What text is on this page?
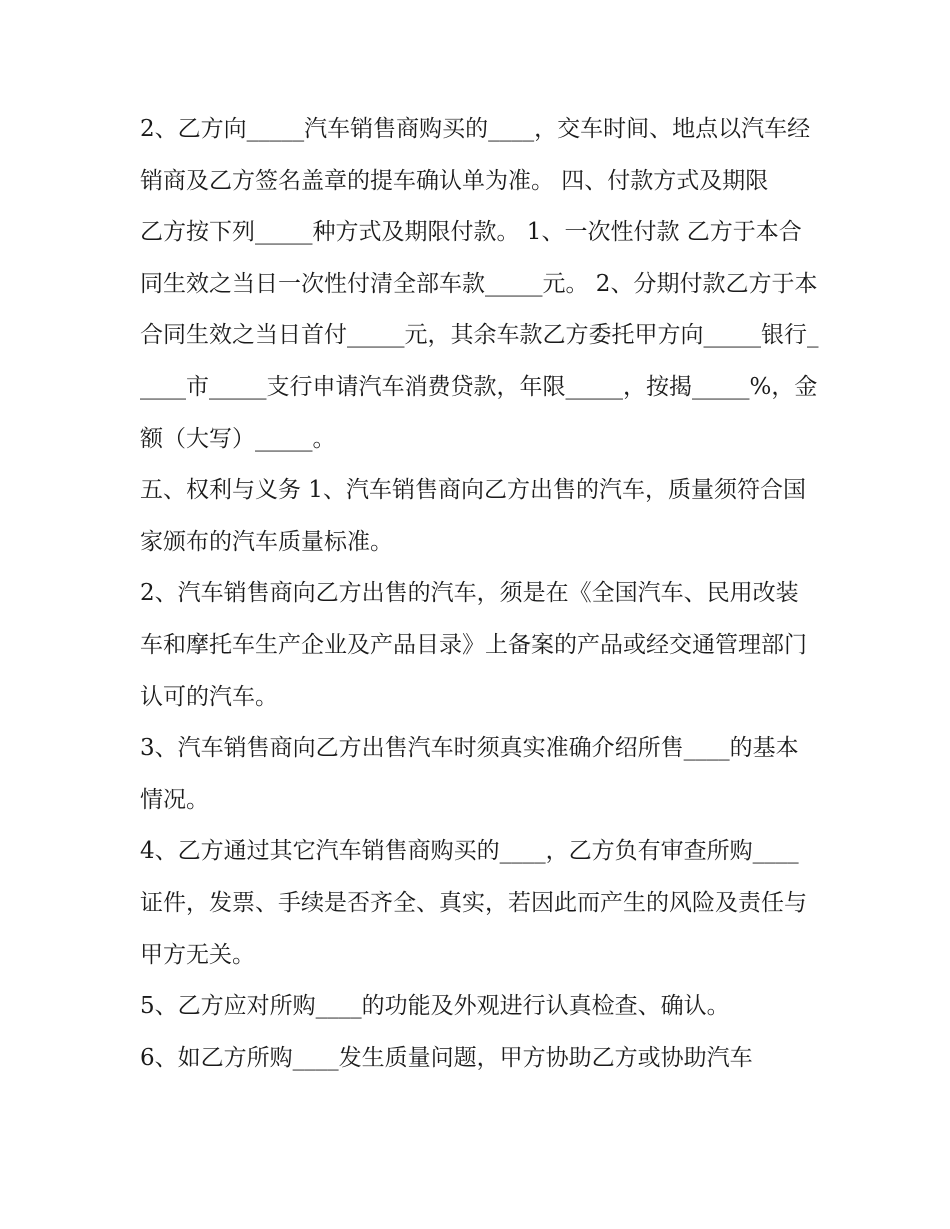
2、乙方向_____汽车销售商购买的____，交车时间、地点以汽车经销商及乙方签名盖章的提车确认单为准。 四、付款方式及期限

乙方按下列_____种方式及期限付款。 1、一次性付款 乙方于本合同生效之当日一次性付清全部车款_____元。 2、分期付款乙方于本合同生效之当日首付_____元，其余车款乙方委托甲方向_____银行_____市_____支行申请汽车消费贷款，年限_____，按揭_____%，金额（大写）_____。

五、权利与义务 1、汽车销售商向乙方出售的汽车，质量须符合国家颁布的汽车质量标准。

2、汽车销售商向乙方出售的汽车，须是在《全国汽车、民用改装车和摩托车生产企业及产品目录》上备案的产品或经交通管理部门认可的汽车。

3、汽车销售商向乙方出售汽车时须真实准确介绍所售____的基本情况。

4、乙方通过其它汽车销售商购买的____，乙方负有审查所购____证件，发票、手续是否齐全、真实，若因此而产生的风险及责任与甲方无关。

5、乙方应对所购____的功能及外观进行认真检查、确认。

6、如乙方所购____发生质量问题，甲方协助乙方或协助汽车
